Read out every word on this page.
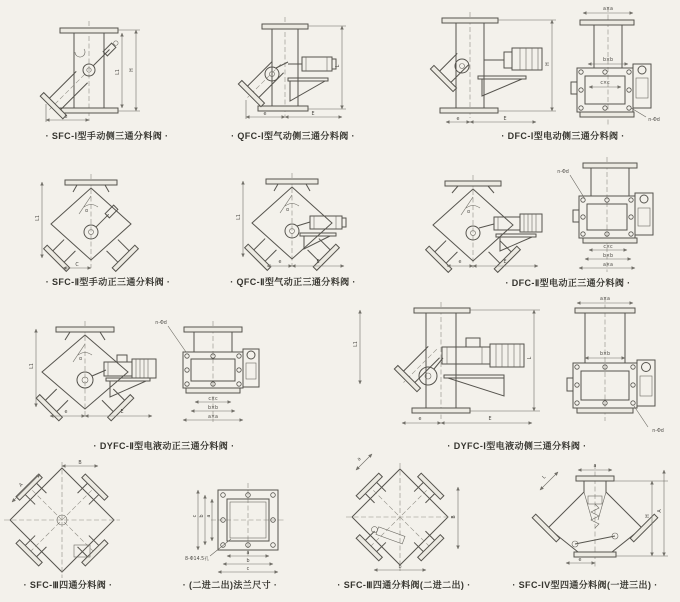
L1 H
e
L
e	E
H
e	E
a×a
b×b
c×c
n-Φd
α
L1
C
α
L1
e	E
α
e	E
n-Φd
c×c
b×b
a×a
α
L1
e	E
n-Φd
c×c
b×b
a×a
L1
L
e	E
a×a
b×b
n-Φd
B
A
a
b
c
a
b
c
8-Φ14.5孔
B
a
b
a
H
A
L
e
· SFC-Ⅰ型手动侧三通分料阀 ·	· QFC-Ⅰ型气动侧三通分料阀 ·	· DFC-Ⅰ型电动侧三通分料阀 ·
· SFC-Ⅱ型手动正三通分料阀 ·	· QFC-Ⅱ型气动正三通分料阀 ·	· DFC-Ⅱ型电动正三通分料阀 ·
· DYFC-Ⅱ型电液动正三通分料阀 ·	· DYFC-Ⅰ型电液动侧三通分料阀 ·
· SFC-Ⅲ四通分料阀 ·	· (二进二出)法兰尺寸 ·	· SFC-Ⅲ四通分料阀(二进二出) ·	· SFC-IV型四通分料阀(一进三出) ·
